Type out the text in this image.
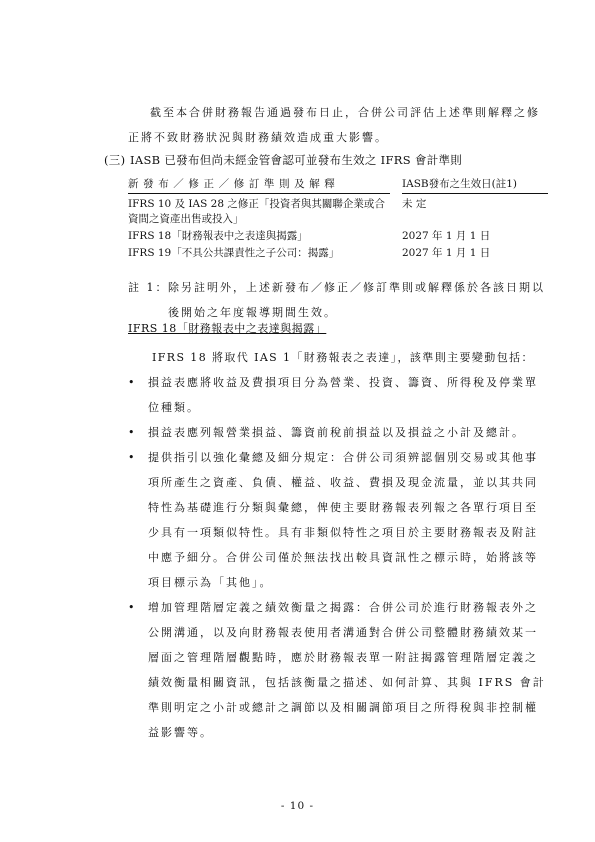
截至本合併財務報告通過發布日止，合併公司評估上述準則解釋之修正將不致財務狀況與財務績效造成重大影響。

(三) IASB 已發布但尚未經金管會認可並發布生效之 IFRS 會計準則
新發布／修正／修訂準則及解釋		IASB發布之生效日(註1)
IFRS 10 及 IAS 28 之修正「投資者與其關聯企業或合資間之資產出售或投入」		未 定
IFRS 18「財務報表中之表達與揭露」		2027 年 1 月 1 日
IFRS 19「不具公共課責性之子公司：揭露」		2027 年 1 月 1 日
註 1： 除另註明外，上述新發布／修正／修訂準則或解釋係於各該日期以後開始之年度報導期間生效。
IFRS 18「財務報表中之表達與揭露」

IFRS 18 將取代 IAS 1「財務報表之表達」，該準則主要變動包括：

• 損益表應將收益及費損項目分為營業、投資、籌資、所得稅及停業單位種類。
• 損益表應列報營業損益、籌資前稅前損益以及損益之小計及總計。
• 提供指引以強化彙總及細分規定：合併公司須辨認個別交易或其他事項所產生之資產、負債、權益、收益、費損及現金流量，並以其共同特性為基礎進行分類與彙總，俾使主要財務報表列報之各單行項目至少具有一項類似特性。具有非類似特性之項目於主要財務報表及附註中應予細分。合併公司僅於無法找出較具資訊性之標示時，始將該等項目標示為「其他」。
• 增加管理階層定義之績效衡量之揭露：合併公司於進行財務報表外之公開溝通，以及向財務報表使用者溝通對合併公司整體財務績效某一層面之管理階層觀點時，應於財務報表單一附註揭露管理階層定義之績效衡量相關資訊，包括該衡量之描述、如何計算、其與 IFRS 會計準則明定之小計或總計之調節以及相關調節項目之所得稅與非控制權益影響等。
- 10 -
